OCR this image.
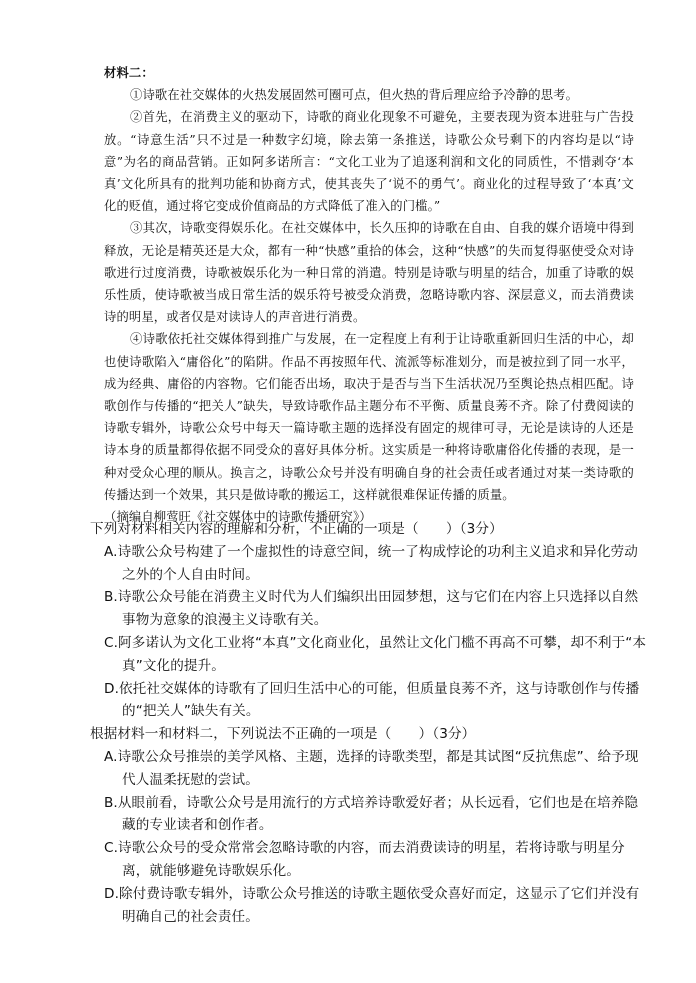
材料二：

①诗歌在社交媒体的火热发展固然可圈可点，但火热的背后理应给予冷静的思考。

②首先，在消费主义的驱动下，诗歌的商业化现象不可避免，主要表现为资本进驻与广告投放。“诗意生活”只不过是一种数字幻境，除去第一条推送，诗歌公众号剩下的内容均是以“诗意”为名的商品营销。正如阿多诺所言：“文化工业为了追逐利润和文化的同质性，不惜剥夺‘本真’文化所具有的批判功能和协商方式，使其丧失了‘说不的勇气’。商业化的过程导致了‘本真’文化的贬值，通过将它变成价值商品的方式降低了准入的门槛。”

③其次，诗歌变得娱乐化。在社交媒体中，长久压抑的诗歌在自由、自我的媒介语境中得到释放，无论是精英还是大众，都有一种“快感”重拾的体会，这种“快感”的失而复得驱使受众对诗歌进行过度消费，诗歌被娱乐化为一种日常的消遣。特别是诗歌与明星的结合，加重了诗歌的娱乐性质，使诗歌被当成日常生活的娱乐符号被受众消费，忽略诗歌内容、深层意义，而去消费读诗的明星，或者仅是对读诗人的声音进行消费。

④诗歌依托社交媒体得到推广与发展，在一定程度上有利于让诗歌重新回归生活的中心，却也使诗歌陷入“庸俗化”的陷阱。作品不再按照年代、流派等标准划分，而是被拉到了同一水平，成为经典、庸俗的内容物。它们能否出场，取决于是否与当下生活状况乃至舆论热点相匹配。诗歌创作与传播的“把关人”缺失，导致诗歌作品主题分布不平衡、质量良莠不齐。除了付费阅读的诗歌专辑外，诗歌公众号中每天一篇诗歌主题的选择没有固定的规律可寻，无论是读诗的人还是诗本身的质量都得依据不同受众的喜好具体分析。这实质是一种将诗歌庸俗化传播的表现，是一种对受众心理的顺从。换言之，诗歌公众号并没有明确自身的社会责任或者通过对某一类诗歌的传播达到一个效果，其只是做诗歌的搬运工，这样就很难保证传播的质量。

（摘编自柳莺旺《社交媒体中的诗歌传播研究》）

下列对材料相关内容的理解和分析，不正确的一项是（　　）（3分）

A.诗歌公众号构建了一个虚拟性的诗意空间，统一了构成悖论的功利主义追求和异化劳动之外的个人自由时间。

B.诗歌公众号能在消费主义时代为人们编织出田园梦想，这与它们在内容上只选择以自然事物为意象的浪漫主义诗歌有关。

C.阿多诺认为文化工业将“本真”文化商业化，虽然让文化门槛不再高不可攀，却不利于“本真”文化的提升。

D.依托社交媒体的诗歌有了回归生活中心的可能，但质量良莠不齐，这与诗歌创作与传播的“把关人”缺失有关。

根据材料一和材料二，下列说法不正确的一项是（　　）（3分）

A.诗歌公众号推崇的美学风格、主题，选择的诗歌类型，都是其试图“反抗焦虑”、给予现代人温柔抚慰的尝试。

B.从眼前看，诗歌公众号是用流行的方式培养诗歌爱好者；从长远看，它们也是在培养隐藏的专业读者和创作者。

C.诗歌公众号的受众常常会忽略诗歌的内容，而去消费读诗的明星，若将诗歌与明星分离，就能够避免诗歌娱乐化。

D.除付费诗歌专辑外，诗歌公众号推送的诗歌主题依受众喜好而定，这显示了它们并没有明确自己的社会责任。
